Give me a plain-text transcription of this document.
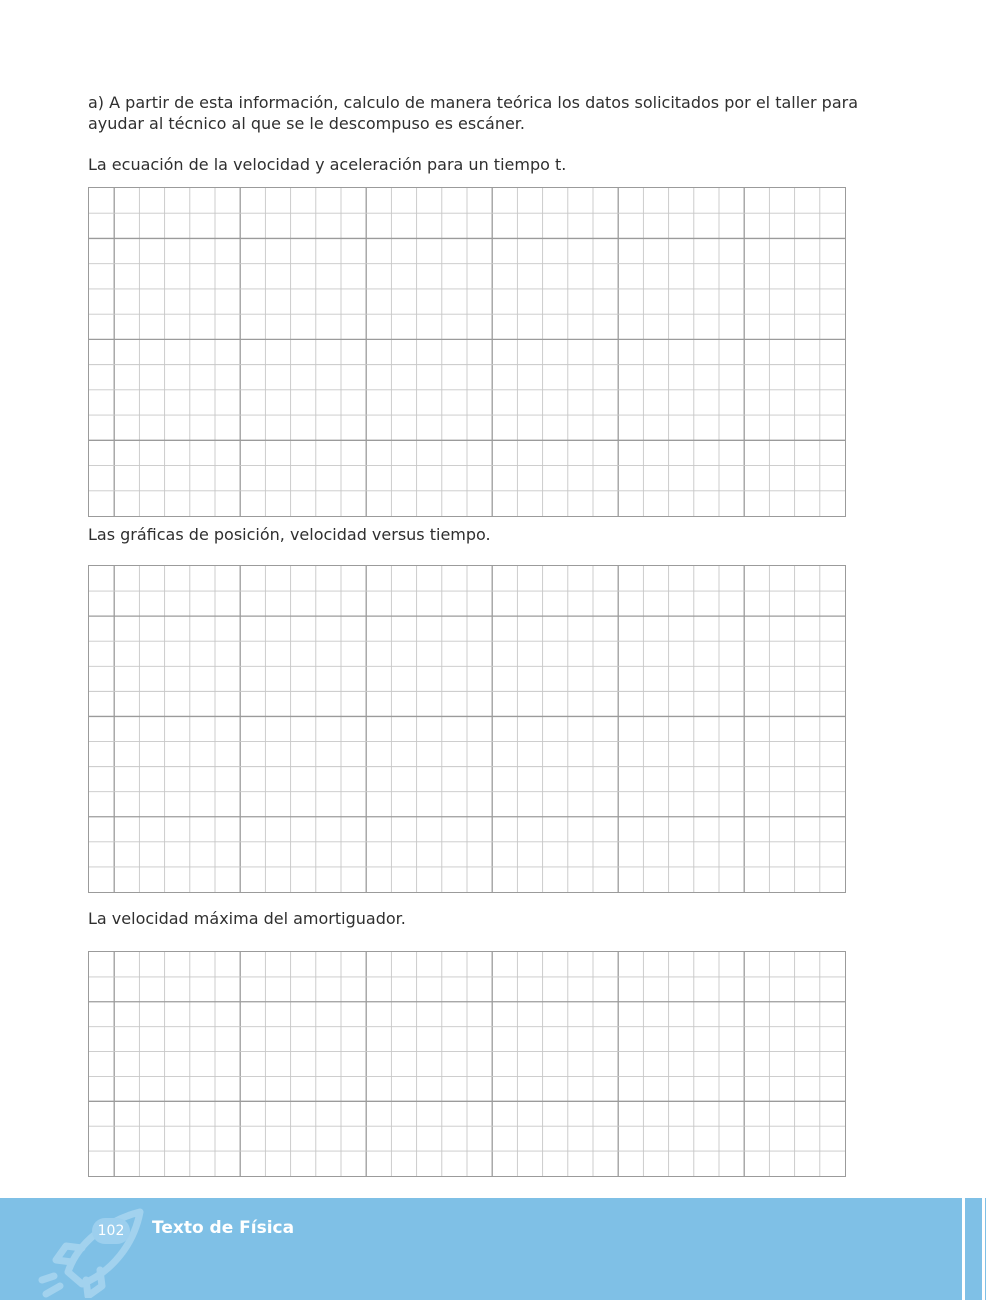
a) A partir de esta información, calculo de manera teórica los datos solicitados por el taller para ayudar al técnico al que se le descompuso es escáner.

La ecuación de la velocidad y aceleración para un tiempo t.

Las gráficas de posición, velocidad versus tiempo.

La velocidad máxima del amortiguador.

102	Texto de Física
